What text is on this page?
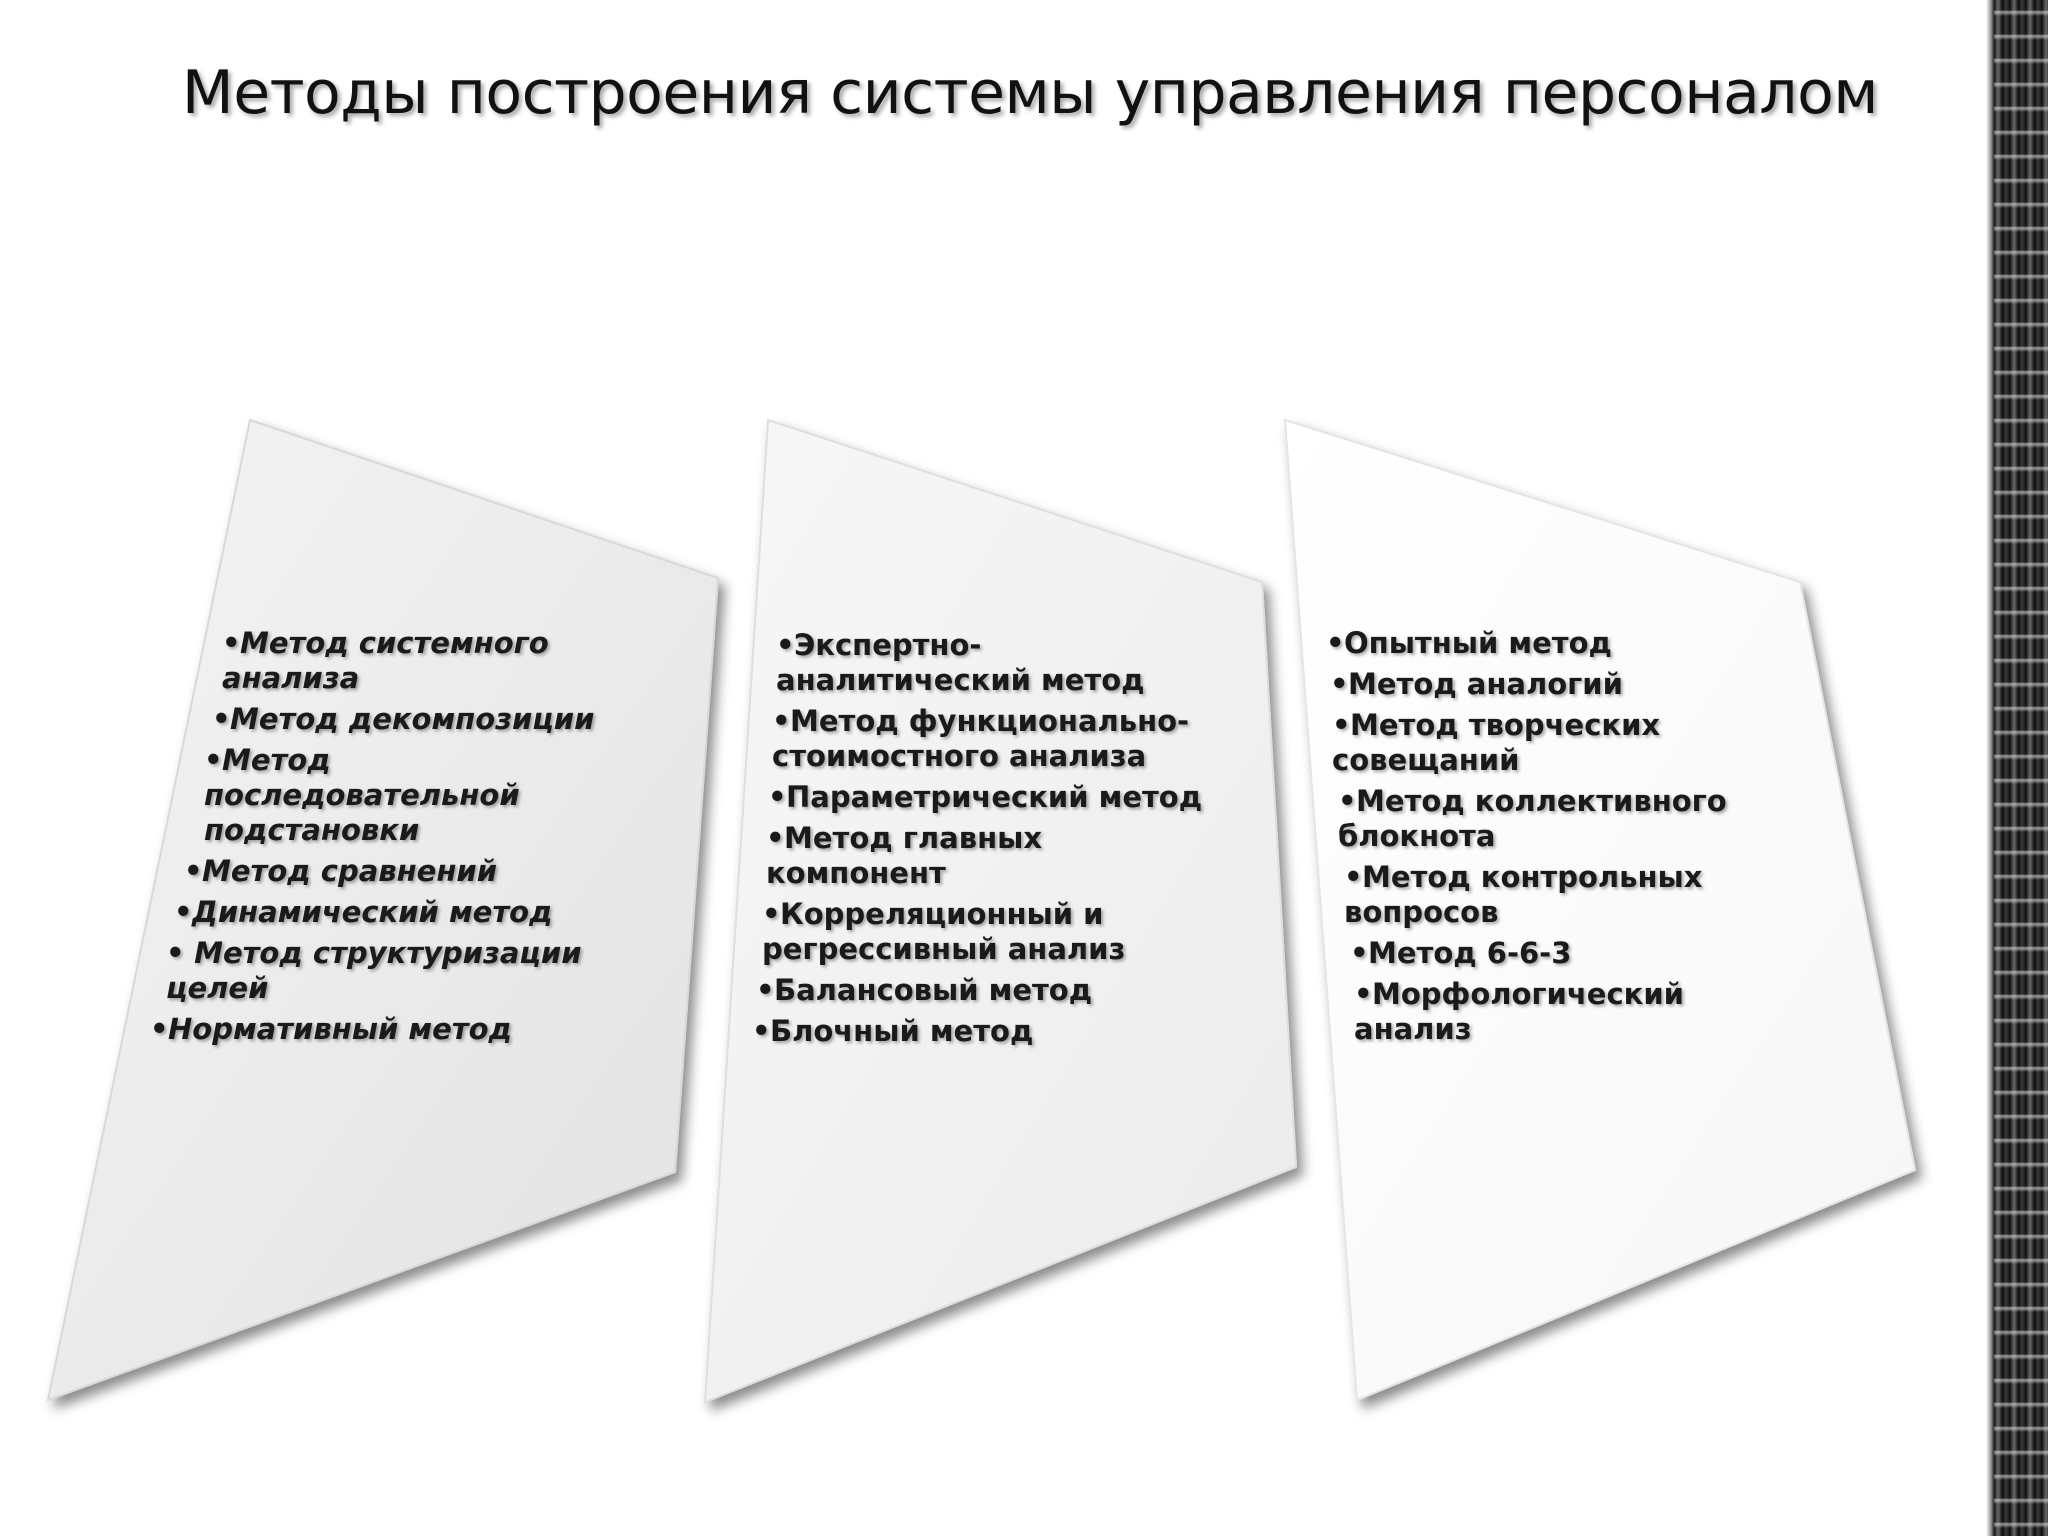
Методы построения системы управления персоналом
•Метод системного
анализа
•Метод декомпозиции
•Метод
последовательной
подстановки
•Метод сравнений
•Динамический метод
• Метод структуризации
целей
•Нормативный метод
•Экспертно-
аналитический метод
•Метод функционально-
стоимостного анализа
•Параметрический метод
•Метод главных
компонент
•Корреляционный и
регрессивный анализ
•Балансовый метод
•Блочный метод
•Опытный метод
•Метод аналогий
•Метод творческих
совещаний
•Метод коллективного
блокнота
•Метод контрольных
вопросов
•Метод 6-6-3
•Морфологический
анализ
